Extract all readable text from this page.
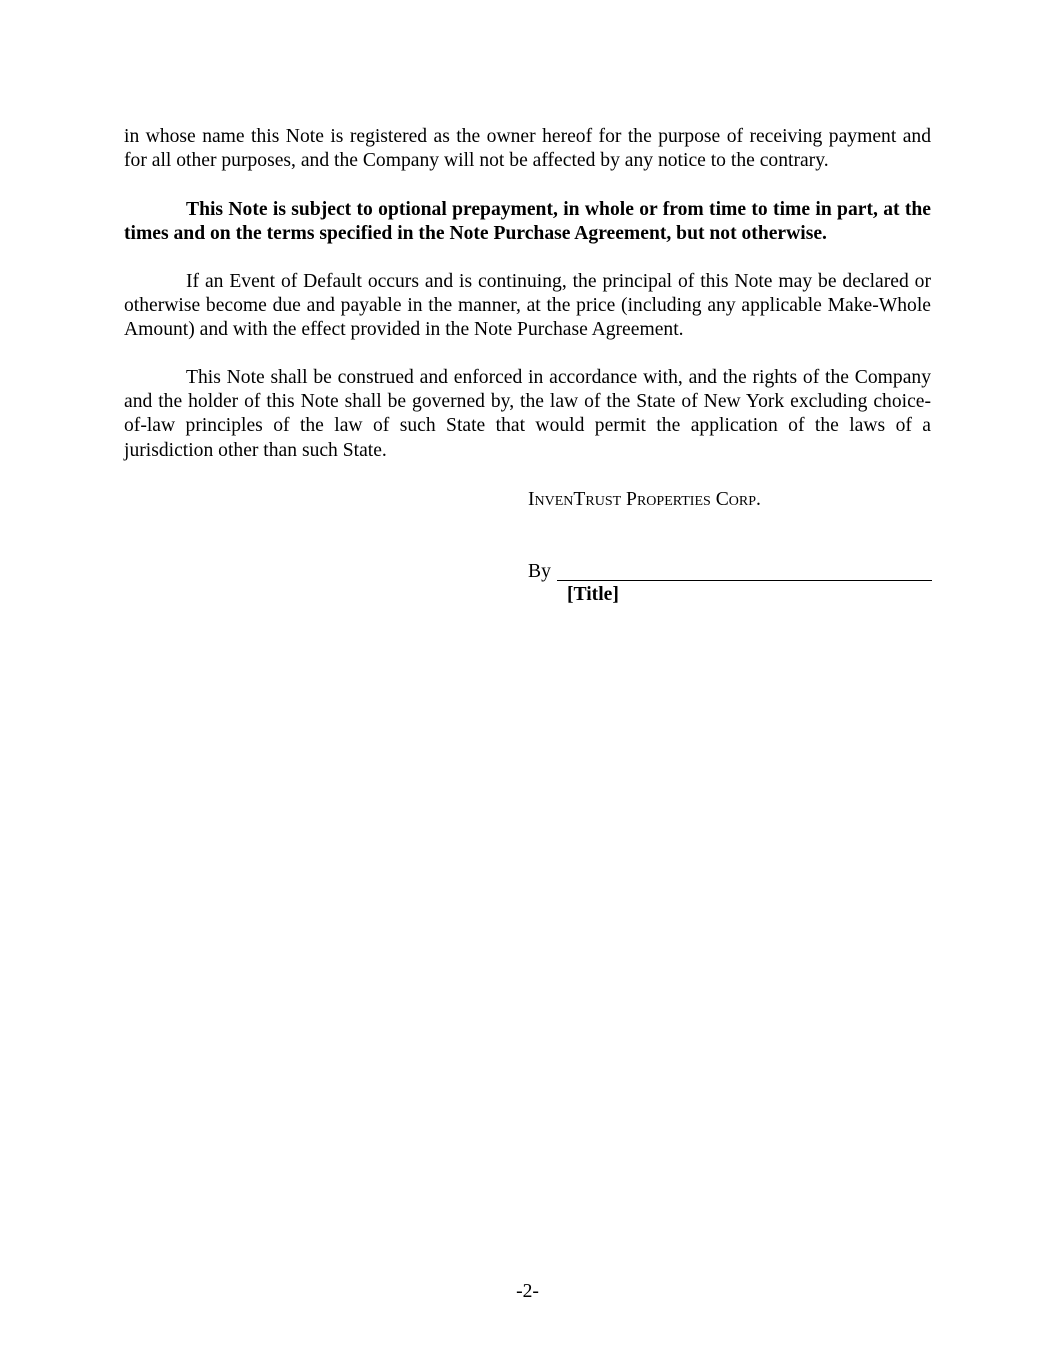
in whose name this Note is registered as the owner hereof for the purpose of receiving payment and for all other purposes, and the Company will not be affected by any notice to the contrary.

This Note is subject to optional prepayment, in whole or from time to time in part, at the times and on the terms specified in the Note Purchase Agreement, but not otherwise.

If an Event of Default occurs and is continuing, the principal of this Note may be declared or otherwise become due and payable in the manner, at the price (including any applicable Make-Whole Amount) and with the effect provided in the Note Purchase Agreement.

This Note shall be construed and enforced in accordance with, and the rights of the Company and the holder of this Note shall be governed by, the law of the State of New York excluding choice-of-law principles of the law of such State that would permit the application of the laws of a jurisdiction other than such State.

InvenTrust Properties Corp.

By

[Title]

-2-
